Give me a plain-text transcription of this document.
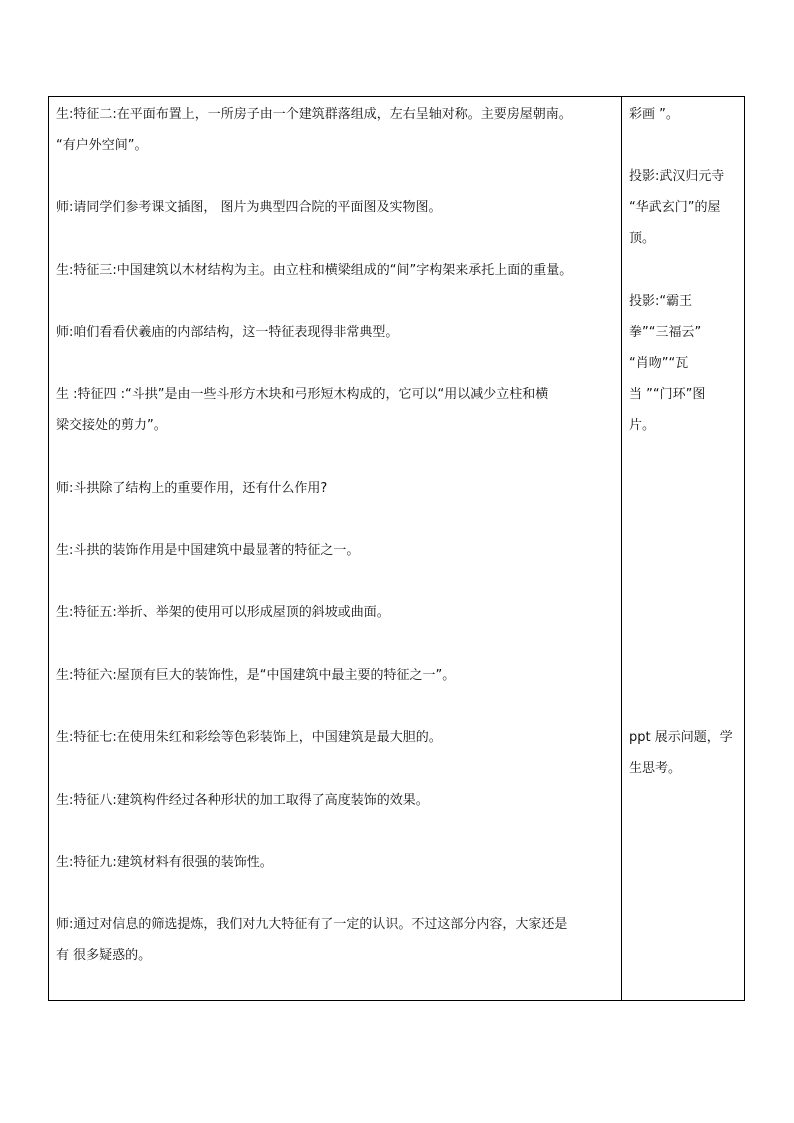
生:特征二:在平面布置上，一所房子由一个建筑群落组成，左右呈轴对称。主要房屋朝南。
“有户外空间”。
师:请同学们参考课文插图， 图片为典型四合院的平面图及实物图。
生:特征三:中国建筑以木材结构为主。由立柱和横梁组成的“间”字构架来承托上面的重量。
师:咱们看看伏羲庙的内部结构，这一特征表现得非常典型。
生 :特征四 :“斗拱”是由一些斗形方木块和弓形短木构成的，它可以“用以减少立柱和横
梁交接处的剪力”。
师:斗拱除了结构上的重要作用，还有什么作用?
生:斗拱的装饰作用是中国建筑中最显著的特征之一。
生:特征五:举折、举架的使用可以形成屋顶的斜坡或曲面。
生:特征六:屋顶有巨大的装饰性，是“中国建筑中最主要的特征之一”。
生:特征七:在使用朱红和彩绘等色彩装饰上，中国建筑是最大胆的。
生:特征八:建筑构件经过各种形状的加工取得了高度装饰的效果。
生:特征九:建筑材料有很强的装饰性。
师:通过对信息的筛选提炼，我们对九大特征有了一定的认识。不过这部分内容，大家还是
有 很多疑惑的。
彩画 ”。
投影:武汉归元寺
“华武玄门”的屋
顶。
投影:“霸王
拳”“三福云”
“肖吻”“瓦
当 ”“门环”图
片。
ppt 展示问题，学
生思考。
